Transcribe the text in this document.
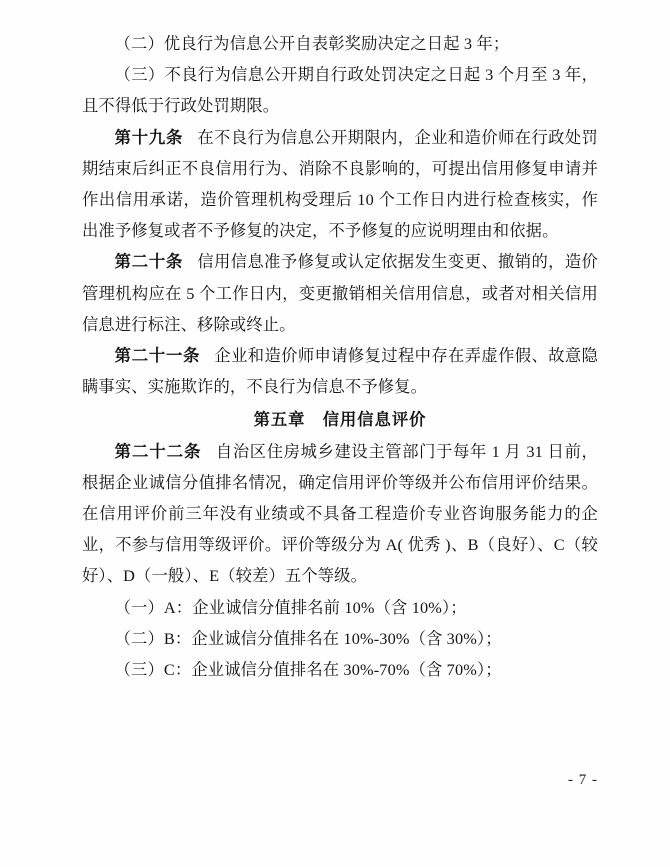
（二）优良行为信息公开自表彰奖励决定之日起 3 年；

（三）不良行为信息公开期自行政处罚决定之日起 3 个月至 3 年，且不得低于行政处罚期限。

第十九条 在不良行为信息公开期限内，企业和造价师在行政处罚期结束后纠正不良信用行为、消除不良影响的，可提出信用修复申请并作出信用承诺，造价管理机构受理后 10 个工作日内进行检查核实，作出准予修复或者不予修复的决定，不予修复的应说明理由和依据。

第二十条 信用信息准予修复或认定依据发生变更、撤销的，造价管理机构应在 5 个工作日内，变更撤销相关信用信息，或者对相关信用信息进行标注、移除或终止。

第二十一条 企业和造价师申请修复过程中存在弄虚作假、故意隐瞒事实、实施欺诈的，不良行为信息不予修复。

第五章　信用信息评价

第二十二条 自治区住房城乡建设主管部门于每年 1 月 31 日前，根据企业诚信分值排名情况，确定信用评价等级并公布信用评价结果。在信用评价前三年没有业绩或不具备工程造价专业咨询服务能力的企业，不参与信用等级评价。评价等级分为 A( 优秀 )、B（良好）、C（较好）、D（一般）、E（较差）五个等级。

（一）A：企业诚信分值排名前 10%（含 10%）；

（二）B：企业诚信分值排名在 10%-30%（含 30%）；

（三）C：企业诚信分值排名在 30%-70%（含 70%）；

- 7 -
